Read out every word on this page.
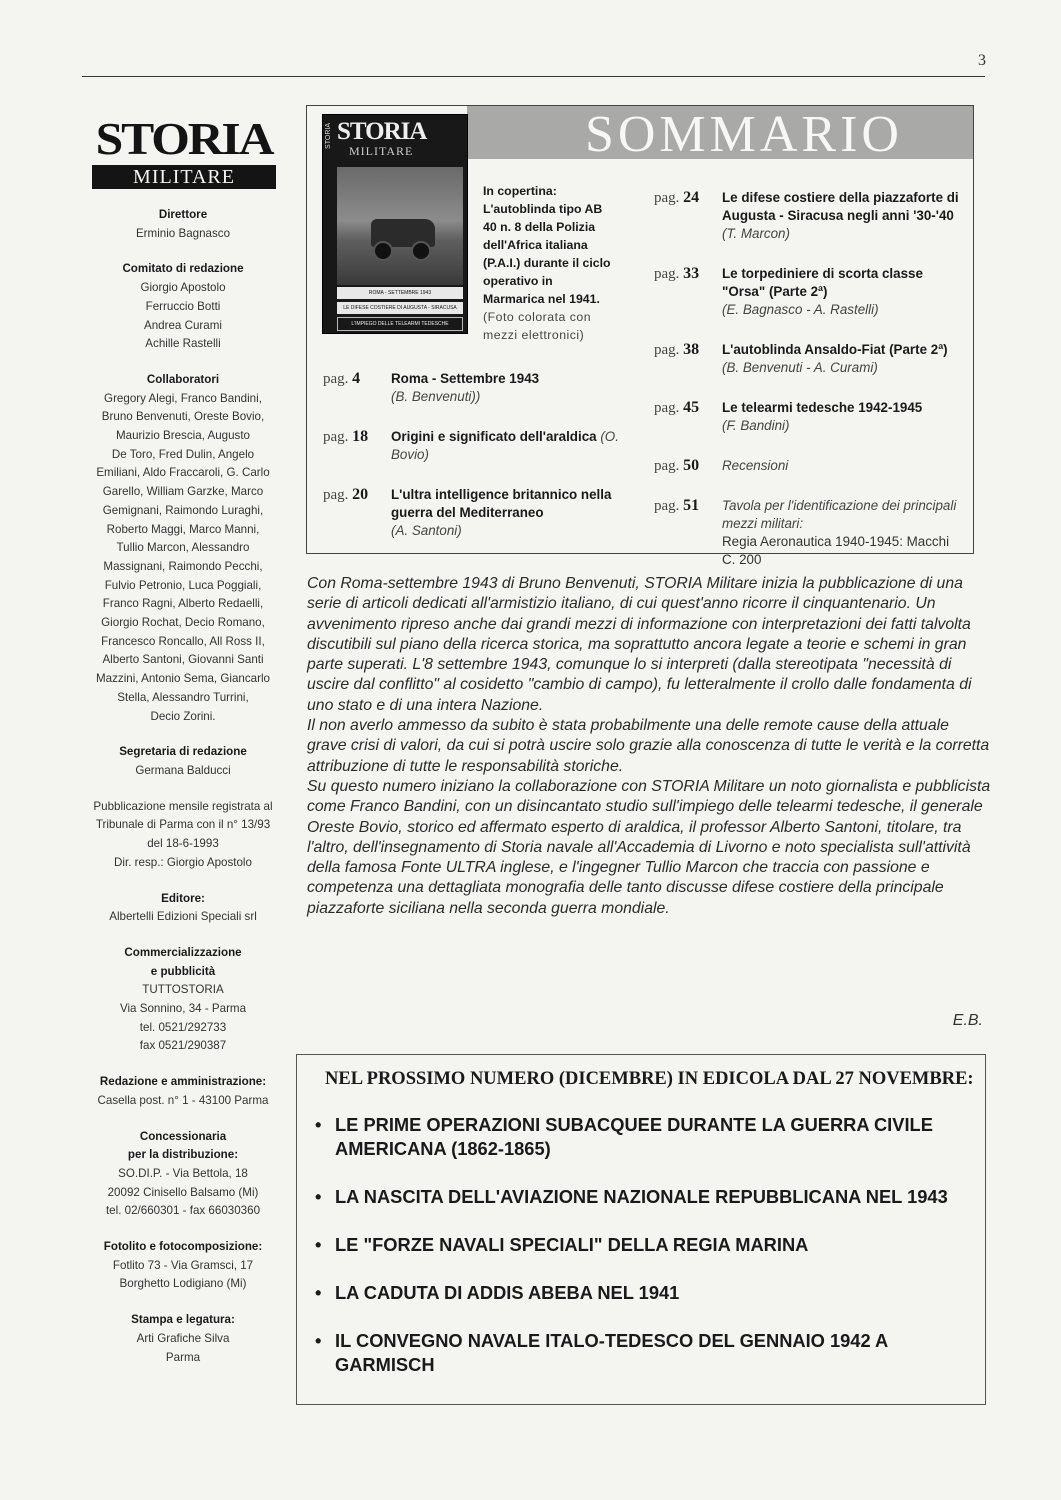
3
STORIA
MILITARE
Direttore
Erminio Bagnasco
Comitato di redazione
Giorgio Apostolo
Ferruccio Botti
Andrea Curami
Achille Rastelli
Collaboratori
Gregory Alegi, Franco Bandini,
Bruno Benvenuti, Oreste Bovio,
Maurizio Brescia, Augusto
De Toro, Fred Dulin, Angelo
Emiliani, Aldo Fraccaroli, G. Carlo
Garello, William Garzke, Marco
Gemignani, Raimondo Luraghi,
Roberto Maggi, Marco Manni,
Tullio Marcon, Alessandro
Massignani, Raimondo Pecchi,
Fulvio Petronio, Luca Poggiali,
Franco Ragni, Alberto Redaelli,
Giorgio Rochat, Decio Romano,
Francesco Roncallo, All Ross II,
Alberto Santoni, Giovanni Santi
Mazzini, Antonio Sema, Giancarlo
Stella, Alessandro Turrini,
Decio Zorini.
Segretaria di redazione
Germana Balducci
Pubblicazione mensile registrata al
Tribunale di Parma con il n° 13/93
del 18-6-1993
Dir. resp.: Giorgio Apostolo
Editore:
Albertelli Edizioni Speciali srl
Commercializzazione
e pubblicità
TUTTOSTORIA
Via Sonnino, 34 - Parma
tel. 0521/292733
fax 0521/290387
Redazione e amministrazione:
Casella post. n° 1 - 43100 Parma
Concessionaria
per la distribuzione:
SO.DI.P. - Via Bettola, 18
20092 Cinisello Balsamo (Mi)
tel. 02/660301 - fax 66030360
Fotolito e fotocomposizione:
Fotlito 73 - Via Gramsci, 17
Borghetto Lodigiano (Mi)
Stampa e legatura:
Arti Grafiche Silva
Parma
SOMMARIO
STORIA STORIA
MILITARE
ROMA - SETTEMBRE 1943
LE DIFESE COSTIERE DI AUGUSTA - SIRACUSA
L'IMPIEGO DELLE TELEARMI TEDESCHE
In copertina:
L'autoblinda tipo AB 40 n. 8 della Polizia dell'Africa italiana (P.A.I.) durante il ciclo operativo in Marmarica nel 1941.
(Foto colorata con mezzi elettronici)
pag. 4	Roma - Settembre 1943
(B. Benvenuti))
pag. 18	Origini e significato dell'araldica (O. Bovio)
pag. 20	L'ultra intelligence britannico nella guerra del Mediterraneo
(A. Santoni)
pag. 24	Le difese costiere della piazzaforte di Augusta - Siracusa negli anni '30-'40 (T. Marcon)
pag. 33	Le torpediniere di scorta classe "Orsa" (Parte 2ª)
(E. Bagnasco - A. Rastelli)
pag. 38	L'autoblinda Ansaldo-Fiat (Parte 2ª) (B. Benvenuti - A. Curami)
pag. 45	Le telearmi tedesche 1942-1945
(F. Bandini)
pag. 50	Recensioni
pag. 51	Tavola per l'identificazione dei principali mezzi militari:
Regia Aeronautica 1940-1945: Macchi C. 200

Con Roma-settembre 1943 di Bruno Benvenuti, STORIA Militare inizia la pubblicazione di una serie di articoli dedicati all'armistizio italiano, di cui quest'anno ricorre il cinquantenario. Un avvenimento ripreso anche dai grandi mezzi di informazione con interpretazioni dei fatti talvolta discutibili sul piano della ricerca storica, ma soprattutto ancora legate a teorie e schemi in gran parte superati. L'8 settembre 1943, comunque lo si interpreti (dalla stereotipata "necessità di uscire dal conflitto" al cosidetto "cambio di campo), fu letteralmente il crollo dalle fondamenta di uno stato e di una intera Nazione.

Il non averlo ammesso da subito è stata probabilmente una delle remote cause della attuale grave crisi di valori, da cui si potrà uscire solo grazie alla conoscenza di tutte le verità e la corretta attribuzione di tutte le responsabilità storiche.

Su questo numero iniziano la collaborazione con STORIA Militare un noto giornalista e pubblicista come Franco Bandini, con un disincantato studio sull'impiego delle telearmi tedesche, il generale Oreste Bovio, storico ed affermato esperto di araldica, il professor Alberto Santoni, titolare, tra l'altro, dell'insegnamento di Storia navale all'Accademia di Livorno e noto specialista sull'attività della famosa Fonte ULTRA inglese, e l'ingegner Tullio Marcon che traccia con passione e competenza una dettagliata monografia delle tanto discusse difese costiere della principale piazzaforte siciliana nella seconda guerra mondiale.

E.B.
NEL PROSSIMO NUMERO (DICEMBRE) IN EDICOLA DAL 27 NOVEMBRE:
• LE PRIME OPERAZIONI SUBACQUEE DURANTE LA GUERRA CIVILE AMERICANA (1862-1865)
• LA NASCITA DELL'AVIAZIONE NAZIONALE REPUBBLICANA NEL 1943
• LE "FORZE NAVALI SPECIALI" DELLA REGIA MARINA
• LA CADUTA DI ADDIS ABEBA NEL 1941
• IL CONVEGNO NAVALE ITALO-TEDESCO DEL GENNAIO 1942 A GARMISCH
